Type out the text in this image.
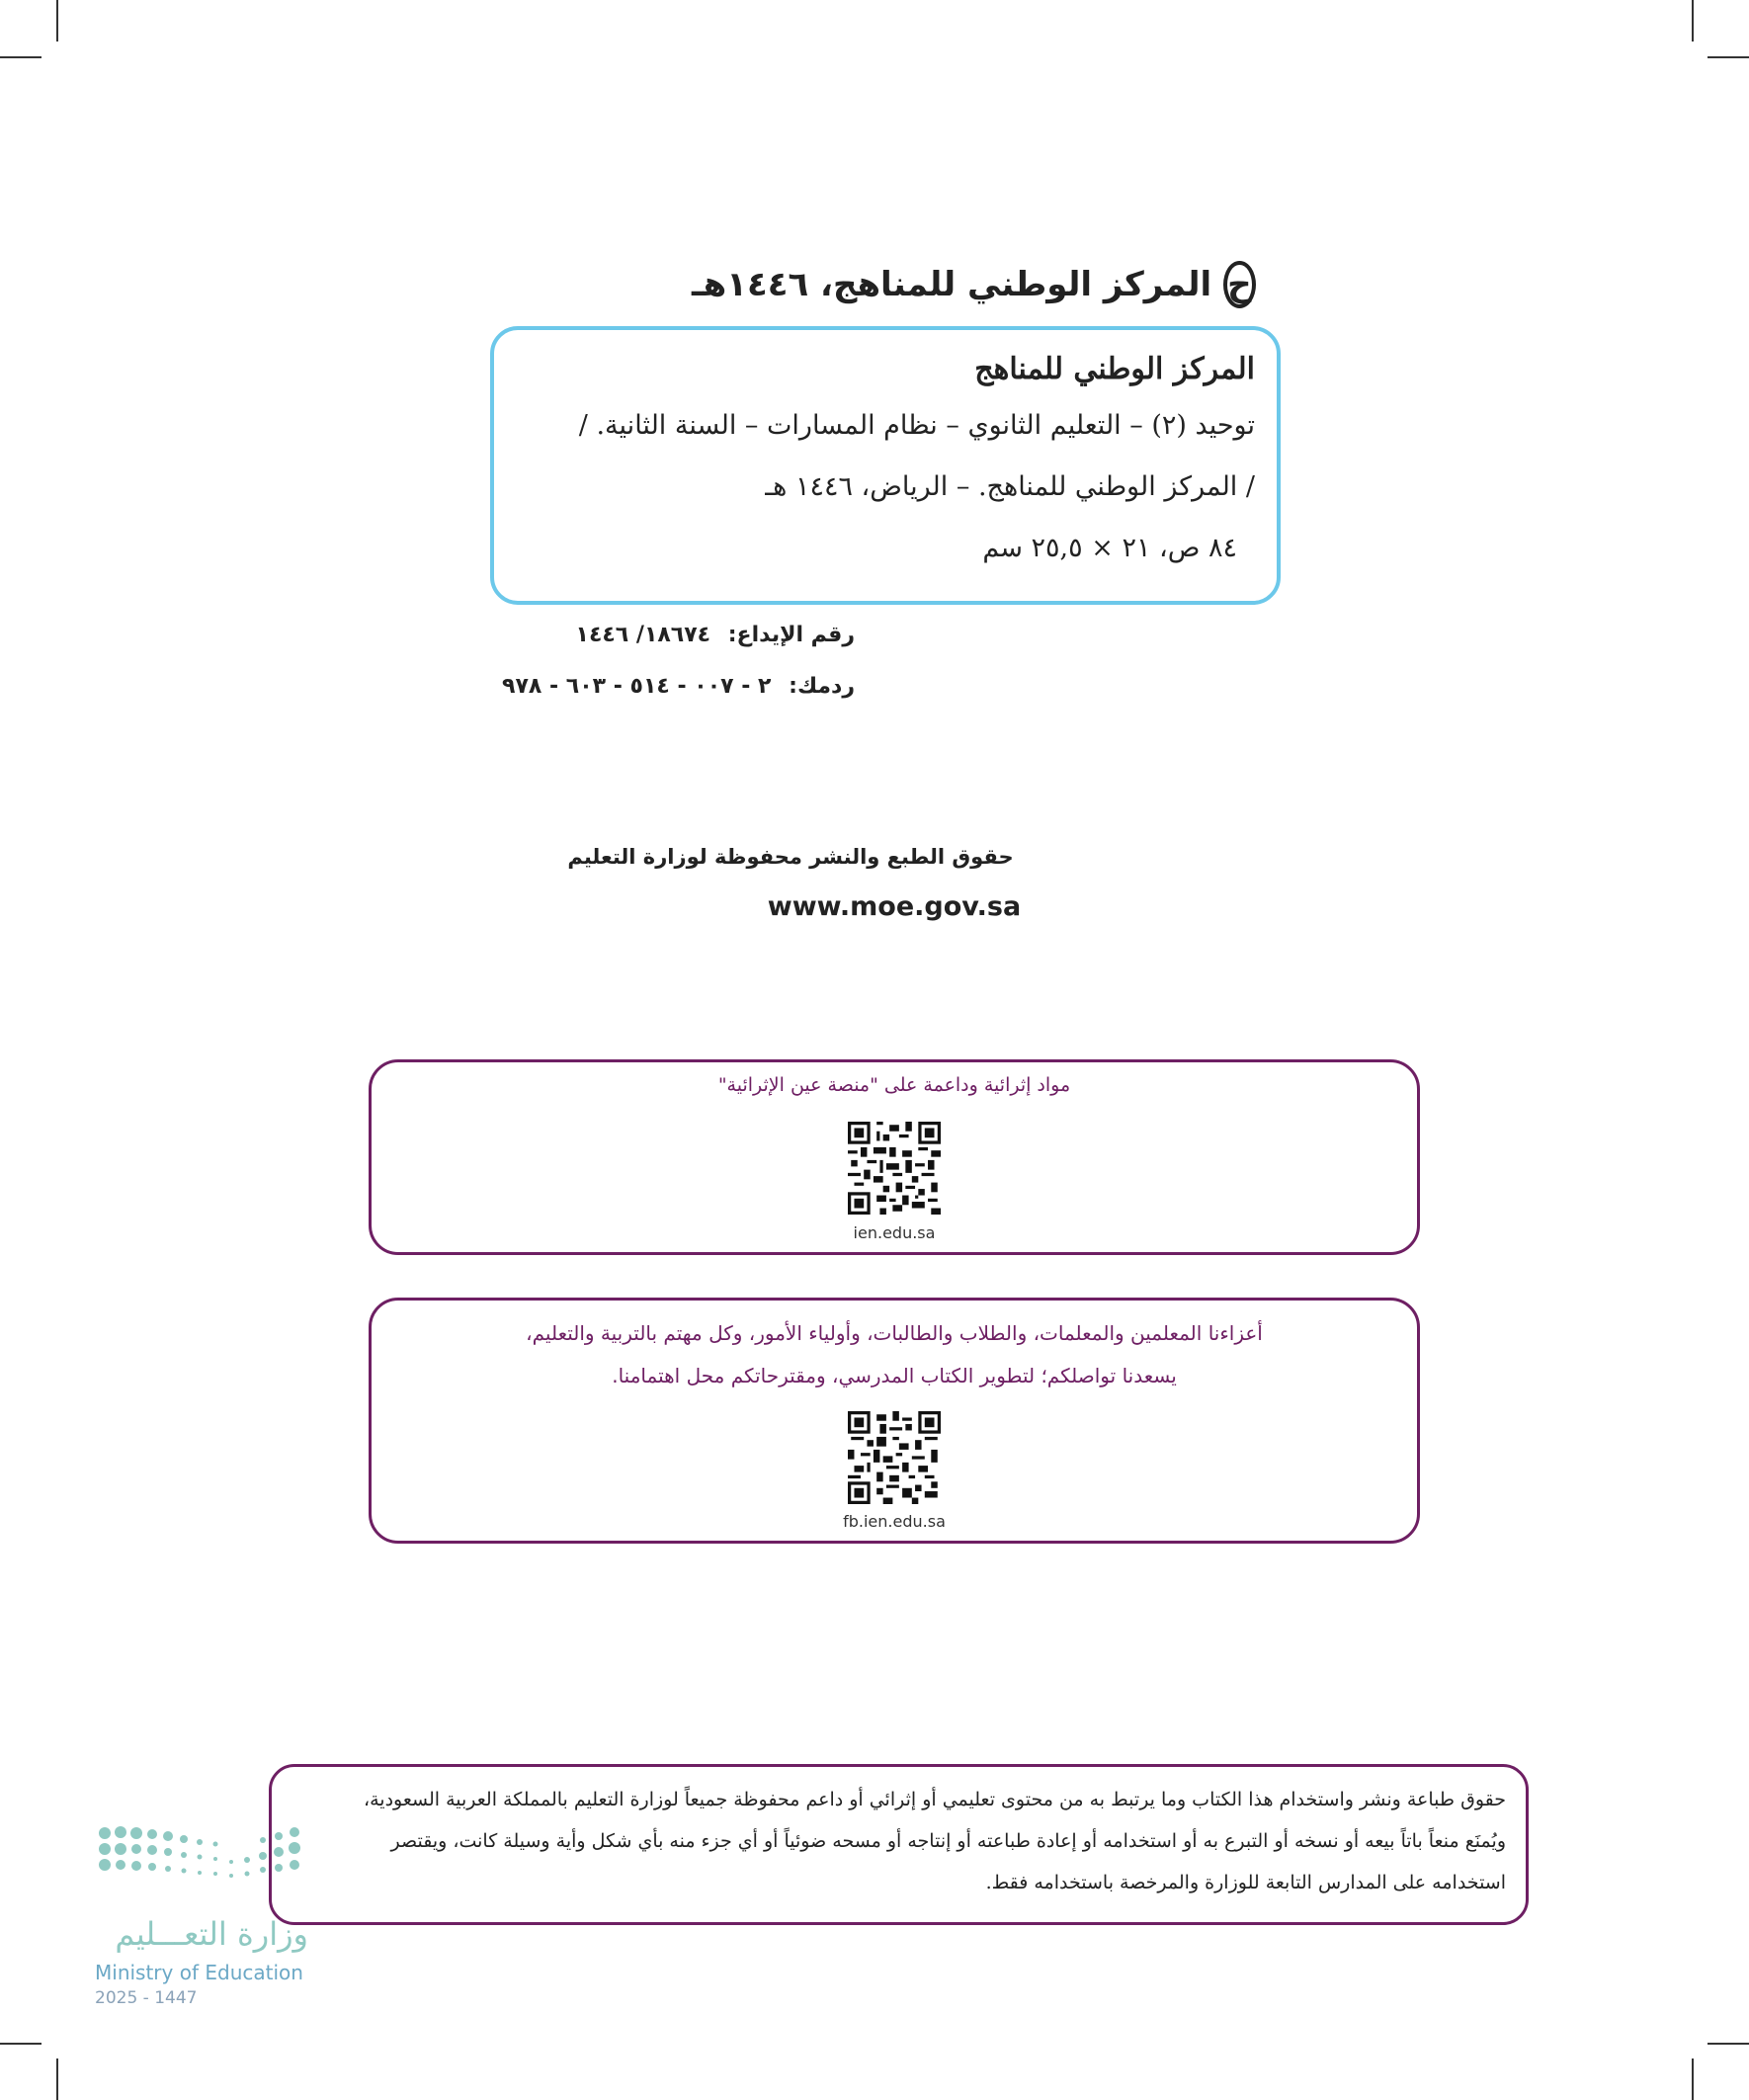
ح
المركز الوطني للمناهج، ١٤٤٦هـ
المركز الوطني للمناهج
توحيد (٢) – التعليم الثانوي – نظام المسارات – السنة الثانية. /
/ المركز الوطني للمناهج. – الرياض، ١٤٤٦ هـ
٨٤ ص، ٢١ × ٢٥,٥ سم
رقم الإيداع: ١٨٦٧٤/ ١٤٤٦
ردمك: ٢ - ٠٠٧ - ٥١٤ - ٦٠٣ - ٩٧٨
حقوق الطبع والنشر محفوظة لوزارة التعليم
www.moe.gov.sa
مواد إثرائية وداعمة على "منصة عين الإثرائية"
ien.edu.sa
أعزاءنا المعلمين والمعلمات، والطلاب والطالبات، وأولياء الأمور، وكل مهتم بالتربية والتعليم،
يسعدنا تواصلكم؛ لتطوير الكتاب المدرسي، ومقترحاتكم محل اهتمامنا.
fb.ien.edu.sa
وزارة التعـــليم
Ministry of Education
2025 - 1447
حقوق طباعة ونشر واستخدام هذا الكتاب وما يرتبط به من محتوى تعليمي أو إثرائي أو داعم محفوظة جميعاً لوزارة التعليم بالمملكة العربية السعودية،
ويُمنَع منعاً باتاً بيعه أو نسخه أو التبرع به أو استخدامه أو إعادة طباعته أو إنتاجه أو مسحه ضوئياً أو أي جزء منه بأي شكل وأية وسيلة كانت، ويقتصر
استخدامه على المدارس التابعة للوزارة والمرخصة باستخدامه فقط.
